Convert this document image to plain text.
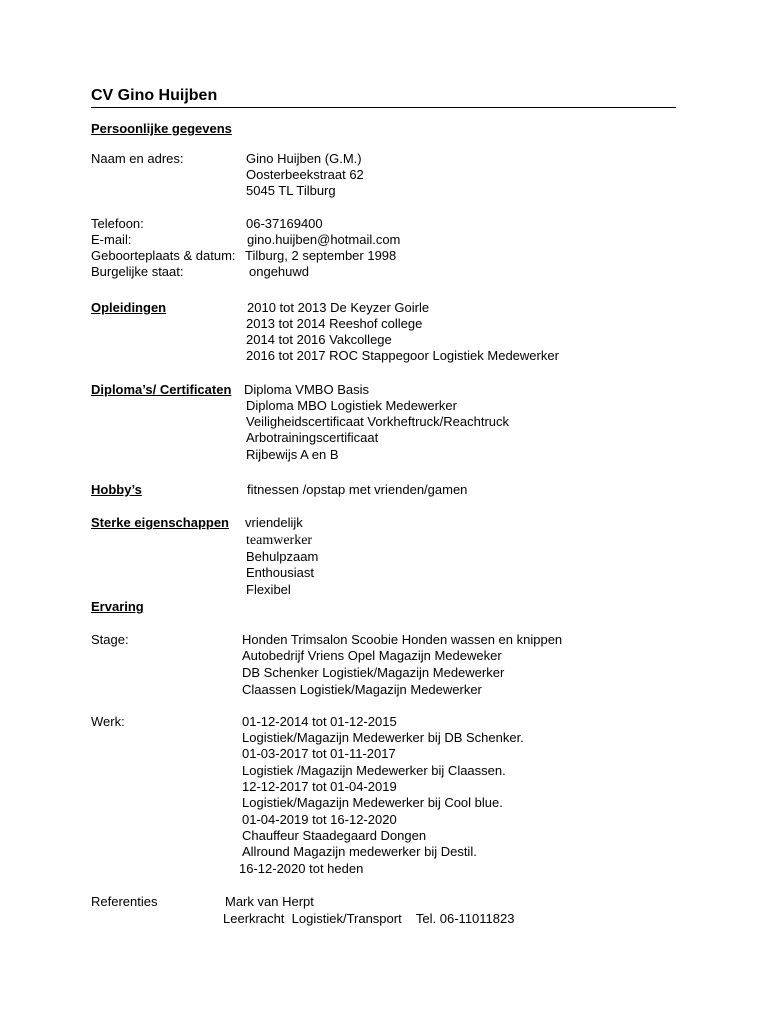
CV Gino Huijben
Persoonlijke gegevens
Naam en adres:	Gino Huijben (G.M.)
Oosterbeekstraat 62
5045 TL Tilburg
Telefoon:	06-37169400
E-mail:	gino.huijben@hotmail.com
Geboorteplaats & datum: Tilburg, 2 september 1998
Burgelijke staat:	ongehuwd
Opleidingen	2010 tot 2013 De Keyzer Goirle
2013 tot 2014 Reeshof college
2014 tot 2016 Vakcollege
2016 tot 2017 ROC Stappegoor Logistiek Medewerker
Diploma’s/ Certificaten Diploma VMBO Basis
Diploma MBO Logistiek Medewerker
Veiligheidscertificaat Vorkheftruck/Reachtruck
Arbotrainingscertificaat
Rijbewijs A en B
Hobby’s	fitnessen /opstap met vrienden/gamen
Sterke eigenschappen vriendelijk
teamwerker
Behulpzaam
Enthousiast
Flexibel
Ervaring
Stage:	Honden Trimsalon Scoobie Honden wassen en knippen
Autobedrijf Vriens Opel Magazijn Medeweker
DB Schenker Logistiek/Magazijn Medewerker
Claassen Logistiek/Magazijn Medewerker
Werk:	01-12-2014 tot 01-12-2015
Logistiek/Magazijn Medewerker bij DB Schenker.
01-03-2017 tot 01-11-2017
Logistiek /Magazijn Medewerker bij Claassen.
12-12-2017 tot 01-04-2019
Logistiek/Magazijn Medewerker bij Cool blue.
01-04-2019 tot 16-12-2020
Chauffeur Staadegaard Dongen
Allround Magazijn medewerker bij Destil.
16-12-2020 tot heden
Referenties	Mark van Herpt
Leerkracht  Logistiek/Transport    Tel. 06-11011823
